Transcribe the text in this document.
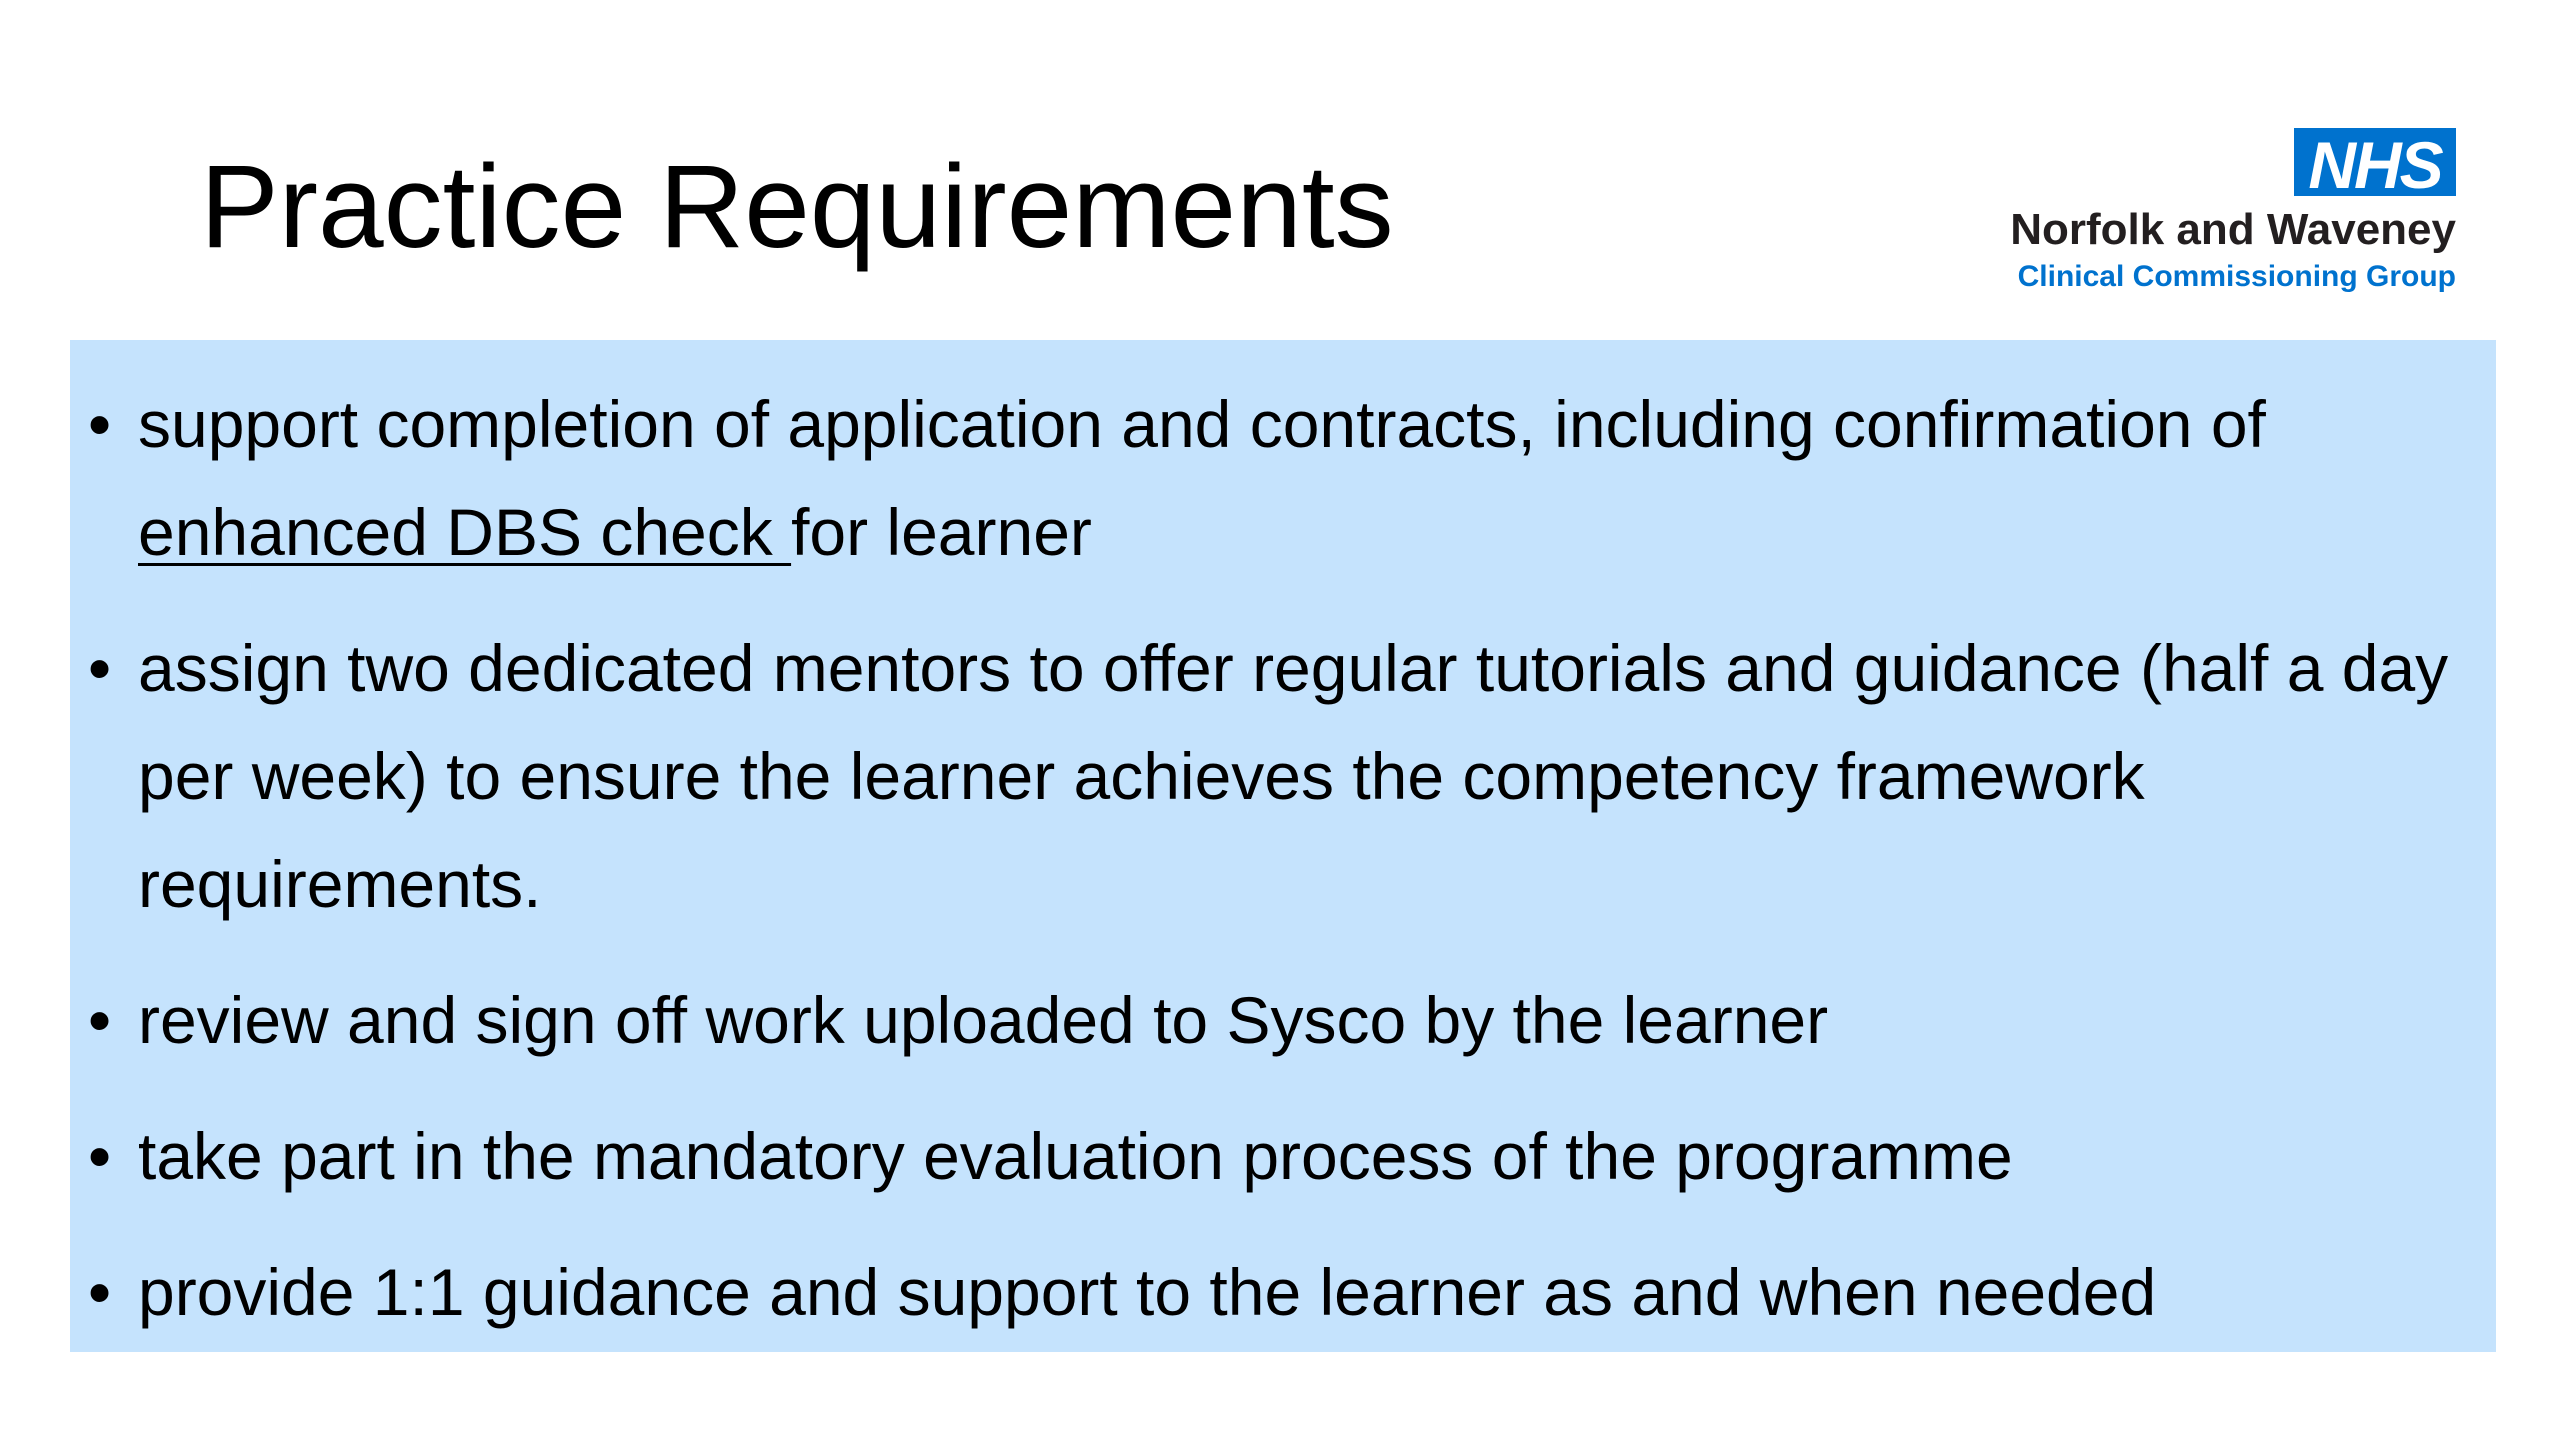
Practice Requirements	NHS
Norfolk and Waveney
Clinical Commissioning Group
• support completion of application and contracts, including confirmation of enhanced DBS check for learner
• assign two dedicated mentors to offer regular tutorials and guidance (half a day per week) to ensure the learner achieves the competency framework requirements.
• review and sign off work uploaded to Sysco by the learner
• take part in the mandatory evaluation process of the programme
• provide 1:1 guidance and support to the learner as and when needed
